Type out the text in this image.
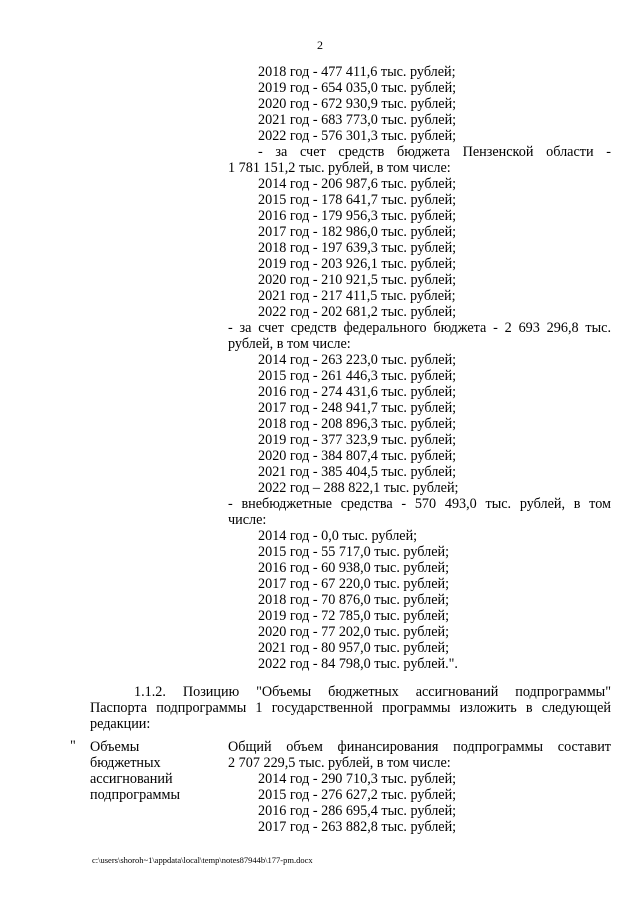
2
2018 год - 477 411,6 тыс. рублей;
2019 год - 654 035,0 тыс. рублей;
2020 год - 672 930,9 тыс. рублей;
2021 год - 683 773,0 тыс. рублей;
2022 год - 576 301,3 тыс. рублей;
- за счет средств бюджета Пензенской области -
1 781 151,2 тыс. рублей, в том числе:
2014 год - 206 987,6 тыс. рублей;
2015 год - 178 641,7 тыс. рублей;
2016 год - 179 956,3 тыс. рублей;
2017 год - 182 986,0 тыс. рублей;
2018 год - 197 639,3 тыс. рублей;
2019 год - 203 926,1 тыс. рублей;
2020 год - 210 921,5 тыс. рублей;
2021 год - 217 411,5 тыс. рублей;
2022 год - 202 681,2 тыс. рублей;
- за счет средств федерального бюджета - 2 693 296,8 тыс.
рублей, в том числе:
2014 год - 263 223,0 тыс. рублей;
2015 год - 261 446,3 тыс. рублей;
2016 год - 274 431,6 тыс. рублей;
2017 год - 248 941,7 тыс. рублей;
2018 год - 208 896,3 тыс. рублей;
2019 год - 377 323,9 тыс. рублей;
2020 год - 384 807,4 тыс. рублей;
2021 год - 385 404,5 тыс. рублей;
2022 год – 288 822,1 тыс. рублей;
- внебюджетные средства - 570 493,0 тыс. рублей, в том
числе:
2014 год - 0,0 тыс. рублей;
2015 год - 55 717,0 тыс. рублей;
2016 год - 60 938,0 тыс. рублей;
2017 год - 67 220,0 тыс. рублей;
2018 год - 70 876,0 тыс. рублей;
2019 год - 72 785,0 тыс. рублей;
2020 год - 77 202,0 тыс. рублей;
2021 год - 80 957,0 тыс. рублей;
2022 год - 84 798,0 тыс. рублей.".
1.1.2. Позицию "Объемы бюджетных ассигнований подпрограммы"
Паспорта подпрограммы 1 государственной программы изложить в следующей
редакции:
" Объемы
бюджетных
ассигнований
подпрограммы
Общий объем финансирования подпрограммы составит
2 707 229,5 тыс. рублей, в том числе:
2014 год - 290 710,3 тыс. рублей;
2015 год - 276 627,2 тыс. рублей;
2016 год - 286 695,4 тыс. рублей;
2017 год - 263 882,8 тыс. рублей;
c:\users\shoroh~1\appdata\local\temp\notes87944b\177-pm.docx
